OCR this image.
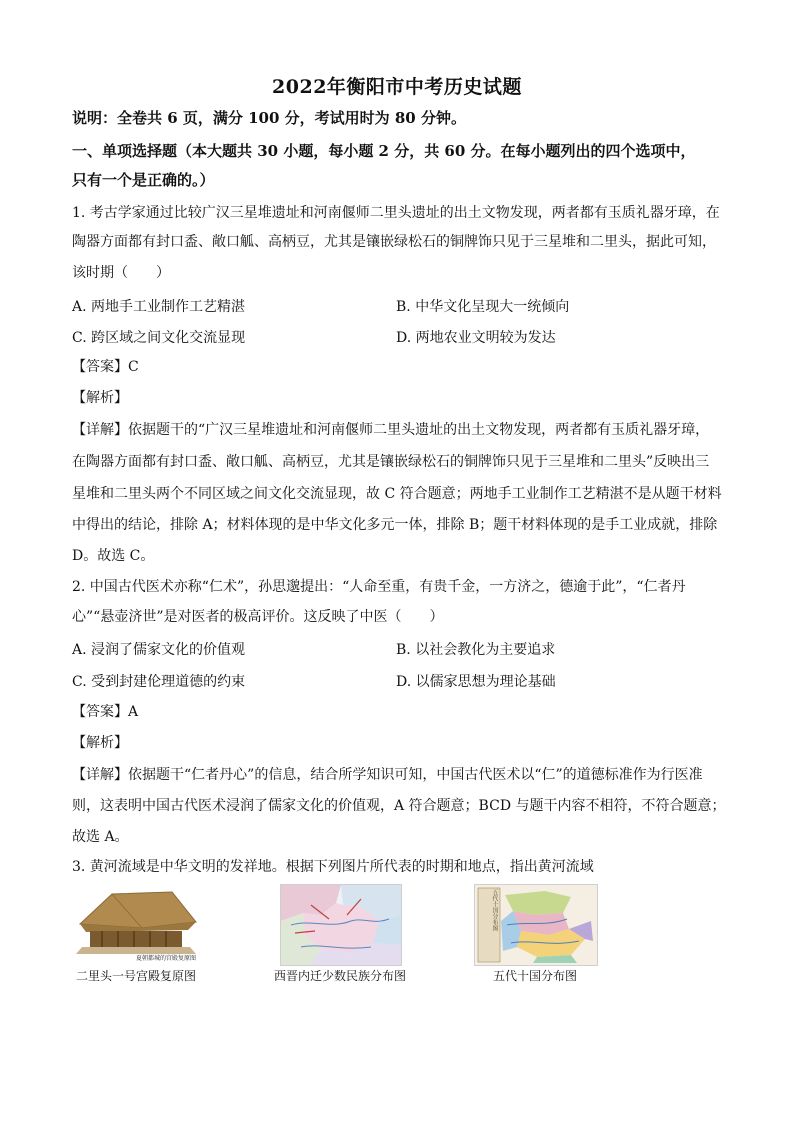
2022年衡阳市中考历史试题
说明：全卷共 6 页，满分 100 分，考试用时为 80 分钟。
一、单项选择题（本大题共 30 小题，每小题 2 分，共 60 分。在每小题列出的四个选项中，
只有一个是正确的。）
1. 考古学家通过比较广汉三星堆遗址和河南偃师二里头遗址的出土文物发现，两者都有玉质礼器牙璋，在
陶器方面都有封口盉、敞口觚、高柄豆，尤其是镶嵌绿松石的铜牌饰只见于三星堆和二里头，据此可知，
该时期（　　）
A. 两地手工业制作工艺精湛	B. 中华文化呈现大一统倾向
C. 跨区域之间文化交流显现	D. 两地农业文明较为发达
【答案】C
【解析】
【详解】依据题干的“广汉三星堆遗址和河南偃师二里头遗址的出土文物发现，两者都有玉质礼器牙璋，
在陶器方面都有封口盉、敞口觚、高柄豆，尤其是镶嵌绿松石的铜牌饰只见于三星堆和二里头”反映出三
星堆和二里头两个不同区域之间文化交流显现，故 C 符合题意；两地手工业制作工艺精湛不是从题干材料
中得出的结论，排除 A；材料体现的是中华文化多元一体，排除 B；题干材料体现的是手工业成就，排除
D。故选 C。
2. 中国古代医术亦称“仁术”，孙思邈提出：“人命至重，有贵千金，一方济之，德逾于此”，“仁者丹
心”“悬壶济世”是对医者的极高评价。这反映了中医（　　）
A. 浸润了儒家文化的价值观	B. 以社会教化为主要追求
C. 受到封建伦理道德的约束	D. 以儒家思想为理论基础
【答案】A
【解析】
【详解】依据题干“仁者丹心”的信息，结合所学知识可知，中国古代医术以“仁”的道德标准作为行医准
则，这表明中国古代医术浸润了儒家文化的价值观，A 符合题意；BCD 与题干内容不相符，不符合题意；
故选 A。
3. 黄河流域是中华文明的发祥地。根据下列图片所代表的时期和地点，指出黄河流域
夏朝都城的宫殿复原图
二里头一号宫殿复原图	西晋内迁少数民族分布图
五代十国分布图
五代十国分布图
